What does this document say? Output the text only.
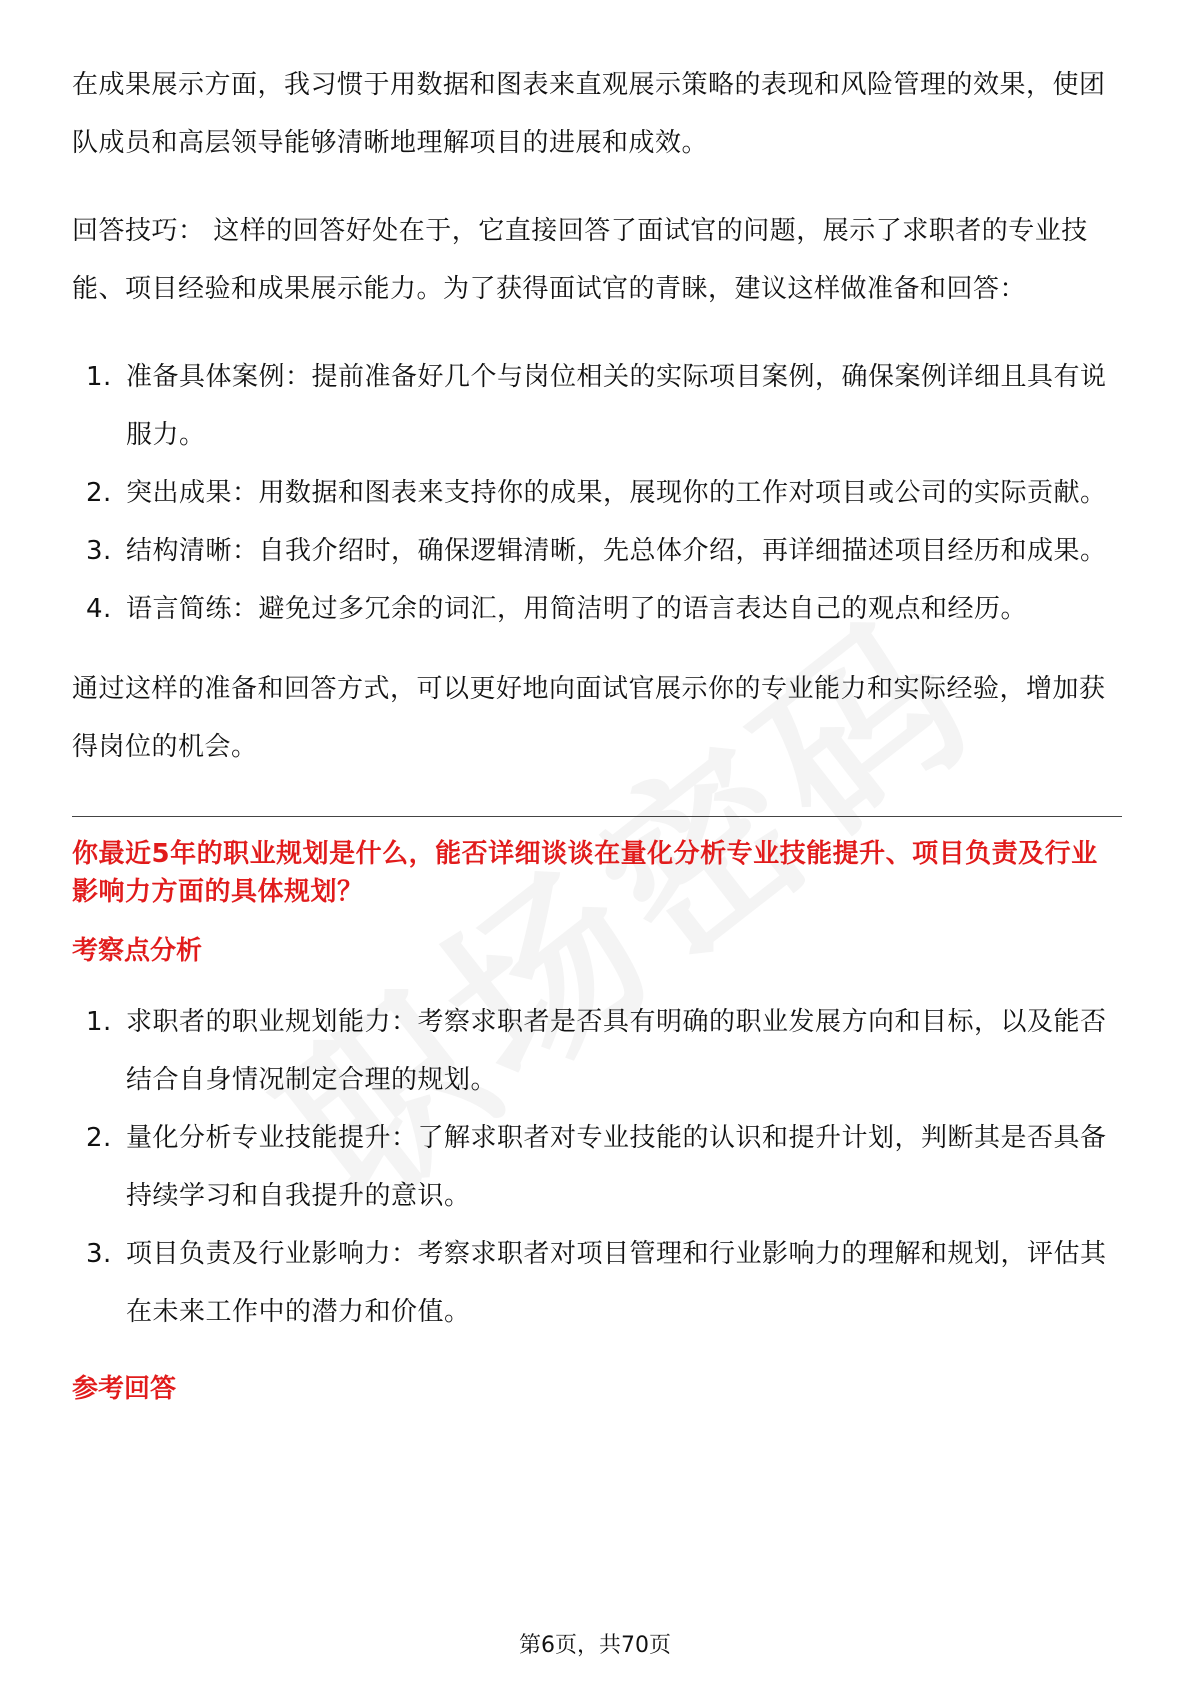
在成果展示方面，我习惯于用数据和图表来直观展示策略的表现和风险管理的效果，使团队成员和高层领导能够清晰地理解项目的进展和成效。

回答技巧： 这样的回答好处在于，它直接回答了面试官的问题，展示了求职者的专业技能、项目经验和成果展示能力。为了获得面试官的青睐，建议这样做准备和回答：

1. 准备具体案例：提前准备好几个与岗位相关的实际项目案例，确保案例详细且具有说服力。
2. 突出成果：用数据和图表来支持你的成果，展现你的工作对项目或公司的实际贡献。
3. 结构清晰：自我介绍时，确保逻辑清晰，先总体介绍，再详细描述项目经历和成果。
4. 语言简练：避免过多冗余的词汇，用简洁明了的语言表达自己的观点和经历。

通过这样的准备和回答方式，可以更好地向面试官展示你的专业能力和实际经验，增加获得岗位的机会。

你最近5年的职业规划是什么，能否详细谈谈在量化分析专业技能提升、项目负责及行业影响力方面的具体规划？

考察点分析

1. 求职者的职业规划能力：考察求职者是否具有明确的职业发展方向和目标，以及能否结合自身情况制定合理的规划。
2. 量化分析专业技能提升：了解求职者对专业技能的认识和提升计划，判断其是否具备持续学习和自我提升的意识。
3. 项目负责及行业影响力：考察求职者对项目管理和行业影响力的理解和规划，评估其在未来工作中的潜力和价值。

参考回答

第6页，共70页
